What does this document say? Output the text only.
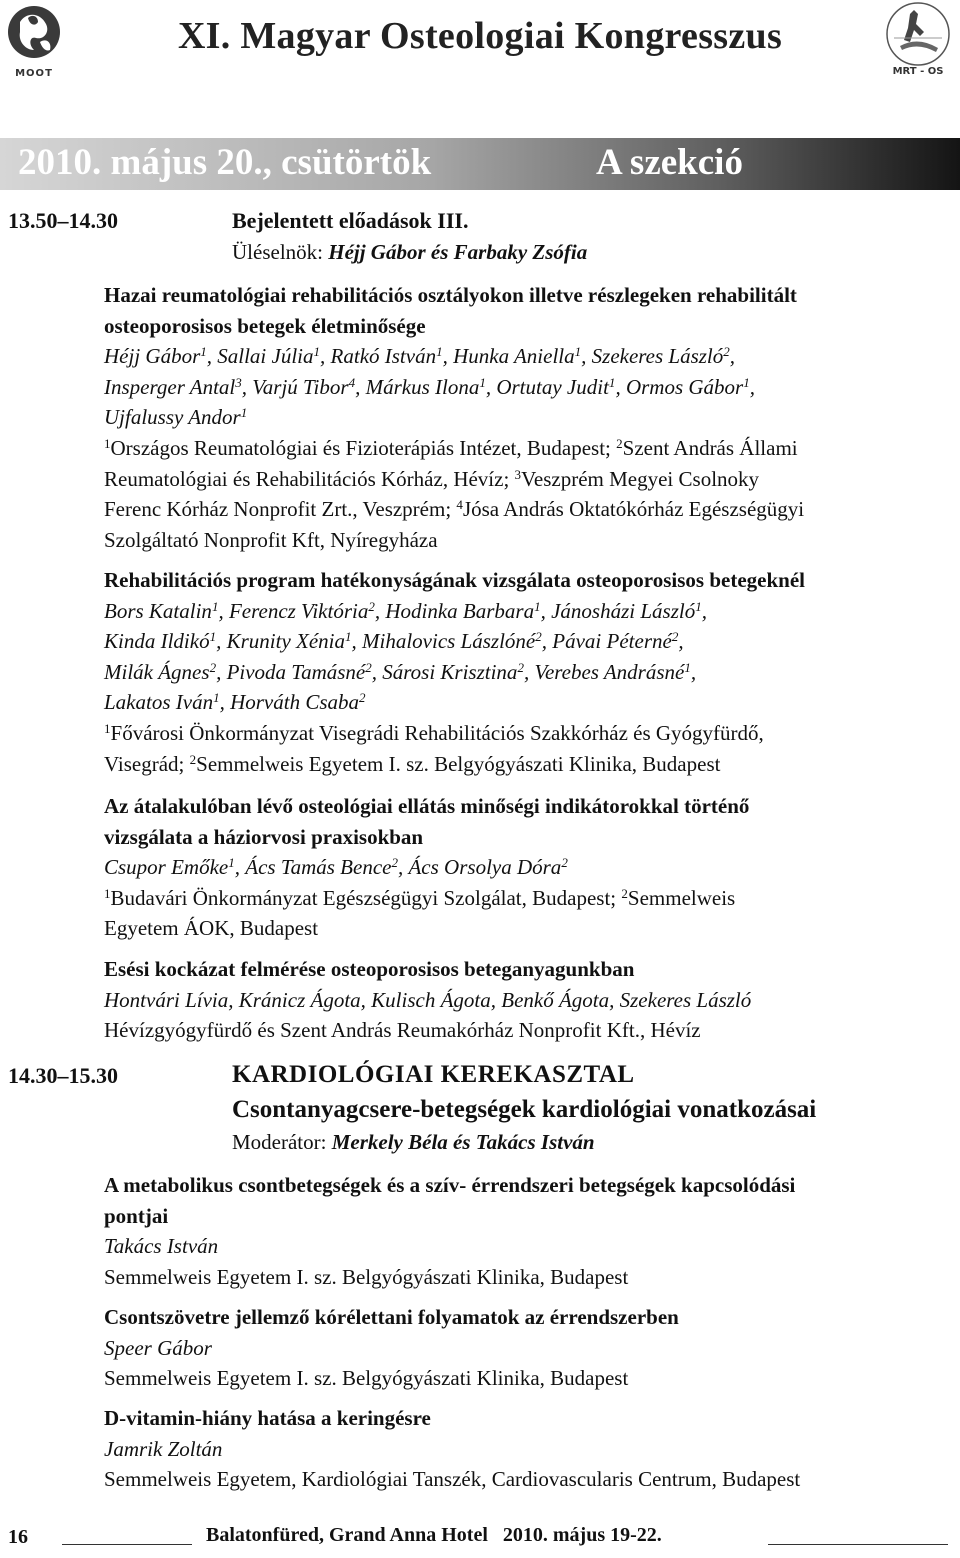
MOOT
XI. Magyar Osteologiai Kongresszus
MRT - OS
2010. május 20., csütörtök	A szekció
13.50–14.30	Bejelentett előadások III.
Üléselnök: Héjj Gábor és Farbaky Zsófia
Hazai reumatológiai rehabilitációs osztályokon illetve részlegeken rehabilitált
osteoporosisos betegek életminősége
Héjj Gábor$^1$, Sallai Júlia$^1$, Ratkó István$^1$, Hunka Aniella$^1$, Szekeres László$^2$,
Insperger Antal$^3$, Varjú Tibor$^4$, Márkus Ilona$^1$, Ortutay Judit$^1$, Ormos Gábor$^1$,
Ujfalussy Andor$^1$
$^1$Országos Reumatológiai és Fizioterápiás Intézet, Budapest; $^2$Szent András Állami
Reumatológiai és Rehabilitációs Kórház, Hévíz; $^3$Veszprém Megyei Csolnoky
Ferenc Kórház Nonprofit Zrt., Veszprém; $^4$Jósa András Oktatókórház Egészségügyi
Szolgáltató Nonprofit Kft, Nyíregyháza
Rehabilitációs program hatékonyságának vizsgálata osteoporosisos betegeknél
Bors Katalin$^1$, Ferencz Viktória$^2$, Hodinka Barbara$^1$, Jánosházi László$^1$,
Kinda Ildikó$^1$, Krunity Xénia$^1$, Mihalovics Lászlóné$^2$, Pávai Péterné$^2$,
Milák Ágnes$^2$, Pivoda Tamásné$^2$, Sárosi Krisztina$^2$, Verebes Andrásné$^1$,
Lakatos Iván$^1$, Horváth Csaba$^2$
$^1$Fővárosi Önkormányzat Visegrádi Rehabilitációs Szakkórház és Gyógyfürdő,
Visegrád; $^2$Semmelweis Egyetem I. sz. Belgyógyászati Klinika, Budapest
Az átalakulóban lévő osteológiai ellátás minőségi indikátorokkal történő
vizsgálata a háziorvosi praxisokban
Csupor Emőke$^1$, Ács Tamás Bence$^2$, Ács Orsolya Dóra$^2$
$^1$Budavári Önkormányzat Egészségügyi Szolgálat, Budapest; $^2$Semmelweis
Egyetem ÁOK, Budapest
Esési kockázat felmérése osteoporosisos beteganyagunkban
Hontvári Lívia, Kránicz Ágota, Kulisch Ágota, Benkő Ágota, Szekeres László
Hévízgyógyfürdő és Szent András Reumakórház Nonprofit Kft., Hévíz
14.30–15.30	KARDIOLÓGIAI KEREKASZTAL
Csontanyagcsere-betegségek kardiológiai vonatkozásai
Moderátor: Merkely Béla és Takács István
A metabolikus csontbetegségek és a szív- érrendszeri betegségek kapcsolódási
pontjai
Takács István
Semmelweis Egyetem I. sz. Belgyógyászati Klinika, Budapest
Csontszövetre jellemző kórélettani folyamatok az érrendszerben
Speer Gábor
Semmelweis Egyetem I. sz. Belgyógyászati Klinika, Budapest
D-vitamin-hiány hatása a keringésre
Jamrik Zoltán
Semmelweis Egyetem, Kardiológiai Tanszék, Cardiovascularis Centrum, Budapest
16	Balatonfüred, Grand Anna Hotel   2010. május 19-22.
